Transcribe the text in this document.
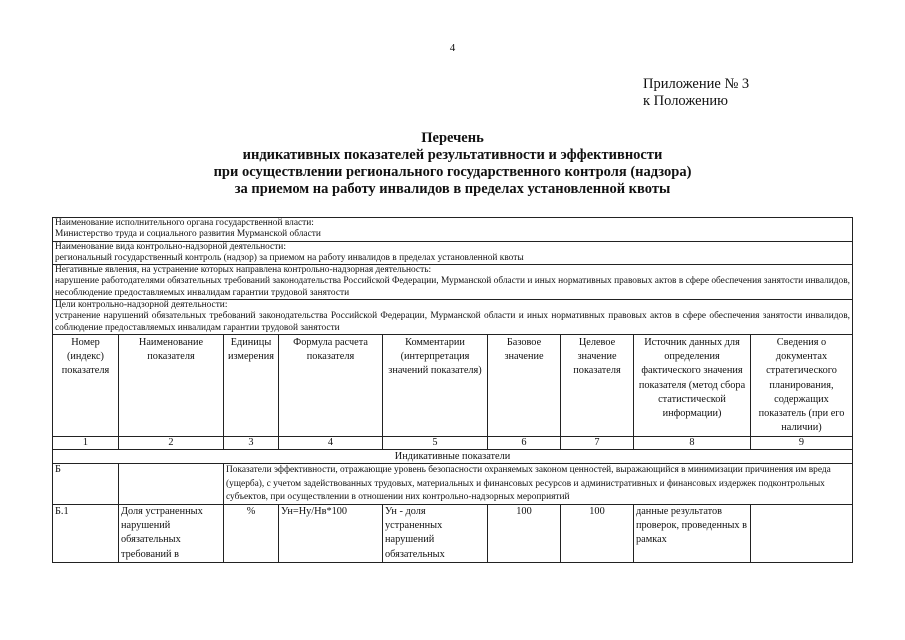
4
Приложение № 3
к Положению
Перечень
индикативных показателей результативности и эффективности
при осуществлении регионального государственного контроля (надзора)
за приемом на работу инвалидов в пределах установленной квоты
Наименование исполнительного органа государственной власти:
Министерство труда и социального развития Мурманской области								

Наименование вида контрольно-надзорной деятельности:
региональный государственный контроль (надзор) за приемом на работу инвалидов в пределах установленной квоты								

Негативные явления, на устранение которых направлена контрольно-надзорная деятельность:
нарушение работодателями обязательных требований законодательства Российской Федерации, Мурманской области и иных нормативных правовых актов в сфере обеспечения занятости инвалидов, несоблюдение предоставляемых инвалидам гарантии трудовой занятости								

Цели контрольно-надзорной деятельности:
устранение нарушений обязательных требований законодательства Российской Федерации, Мурманской области и иных нормативных правовых актов в сфере обеспечения занятости инвалидов, соблюдение предоставляемых инвалидам гарантии трудовой занятости								

Номер (индекс) показателя	Наименование показателя	Единицы измерения	Формула расчета показателя	Комментарии (интерпретация значений показателя)	Базовое значение	Целевое значение показателя	Источник данных для определения фактического значения показателя (метод сбора статистической информации)	Сведения о документах стратегического планирования, содержащих показатель (при его наличии)
1	2	3	4	5	6	7	8	9
Индикативные показатели								
Б		Показатели эффективности, отражающие уровень безопасности охраняемых законом ценностей, выражающийся в минимизации причинения им вреда (ущерба), с учетом задействованных трудовых, материальных и финансовых ресурсов и административных и финансовых издержек подконтрольных субъектов, при осуществлении в отношении них контрольно-надзорных мероприятий						
Б.1	Доля устраненных нарушений обязательных требований в	%	Ун=Ну/Нв*100	Ун - доля устраненных нарушений обязательных	100	100	данные результатов проверок, проведенных в рамках	
